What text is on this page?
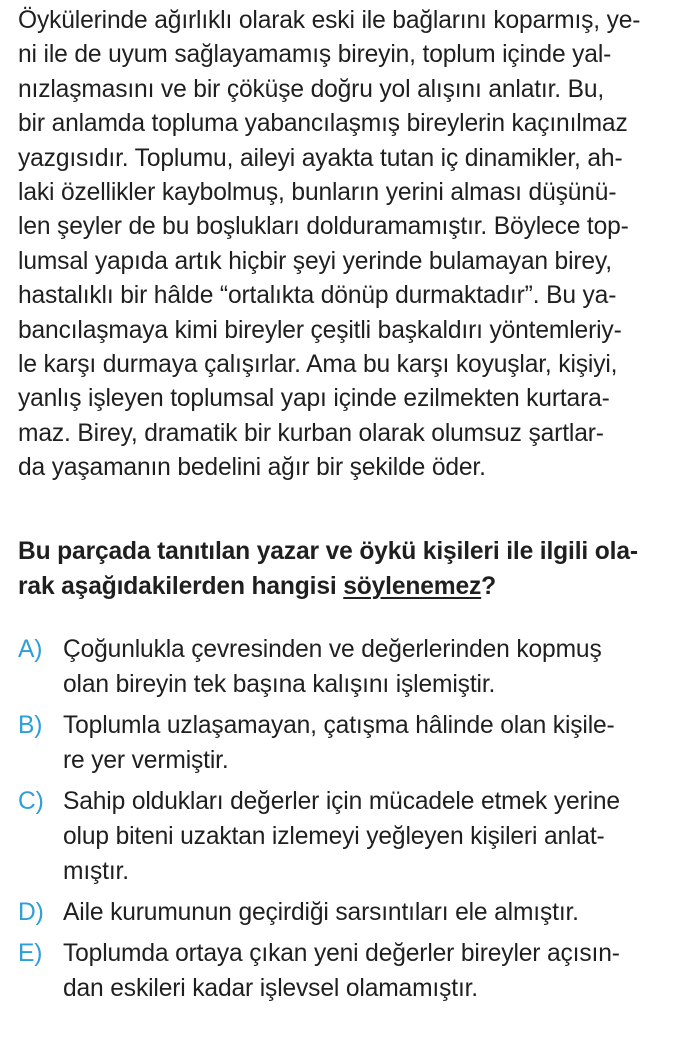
Öykülerinde ağırlıklı olarak eski ile bağlarını koparmış, ye-
ni ile de uyum sağlayamamış bireyin, toplum içinde yal-
nızlaşmasını ve bir çöküşe doğru yol alışını anlatır. Bu,
bir anlamda topluma yabancılaşmış bireylerin kaçınılmaz
yazgısıdır. Toplumu, aileyi ayakta tutan iç dinamikler, ah-
laki özellikler kaybolmuş, bunların yerini alması düşünü-
len şeyler de bu boşlukları dolduramamıştır. Böylece top-
lumsal yapıda artık hiçbir şeyi yerinde bulamayan birey,
hastalıklı bir hâlde “ortalıkta dönüp durmaktadır”. Bu ya-
bancılaşmaya kimi bireyler çeşitli başkaldırı yöntemleriy-
le karşı durmaya çalışırlar. Ama bu karşı koyuşlar, kişiyi,
yanlış işleyen toplumsal yapı içinde ezilmekten kurtara-
maz. Birey, dramatik bir kurban olarak olumsuz şartlar-
da yaşamanın bedelini ağır bir şekilde öder.
Bu parçada tanıtılan yazar ve öykü kişileri ile ilgili ola-
rak aşağıdakilerden hangisi söylenemez?
A) Çoğunlukla çevresinden ve değerlerinden kopmuş
olan bireyin tek başına kalışını işlemiştir.
B) Toplumla uzlaşamayan, çatışma hâlinde olan kişile-
re yer vermiştir.
C) Sahip oldukları değerler için mücadele etmek yerine
olup biteni uzaktan izlemeyi yeğleyen kişileri anlat-
mıştır.
D) Aile kurumunun geçirdiği sarsıntıları ele almıştır.
E) Toplumda ortaya çıkan yeni değerler bireyler açısın-
dan eskileri kadar işlevsel olamamıştır.
